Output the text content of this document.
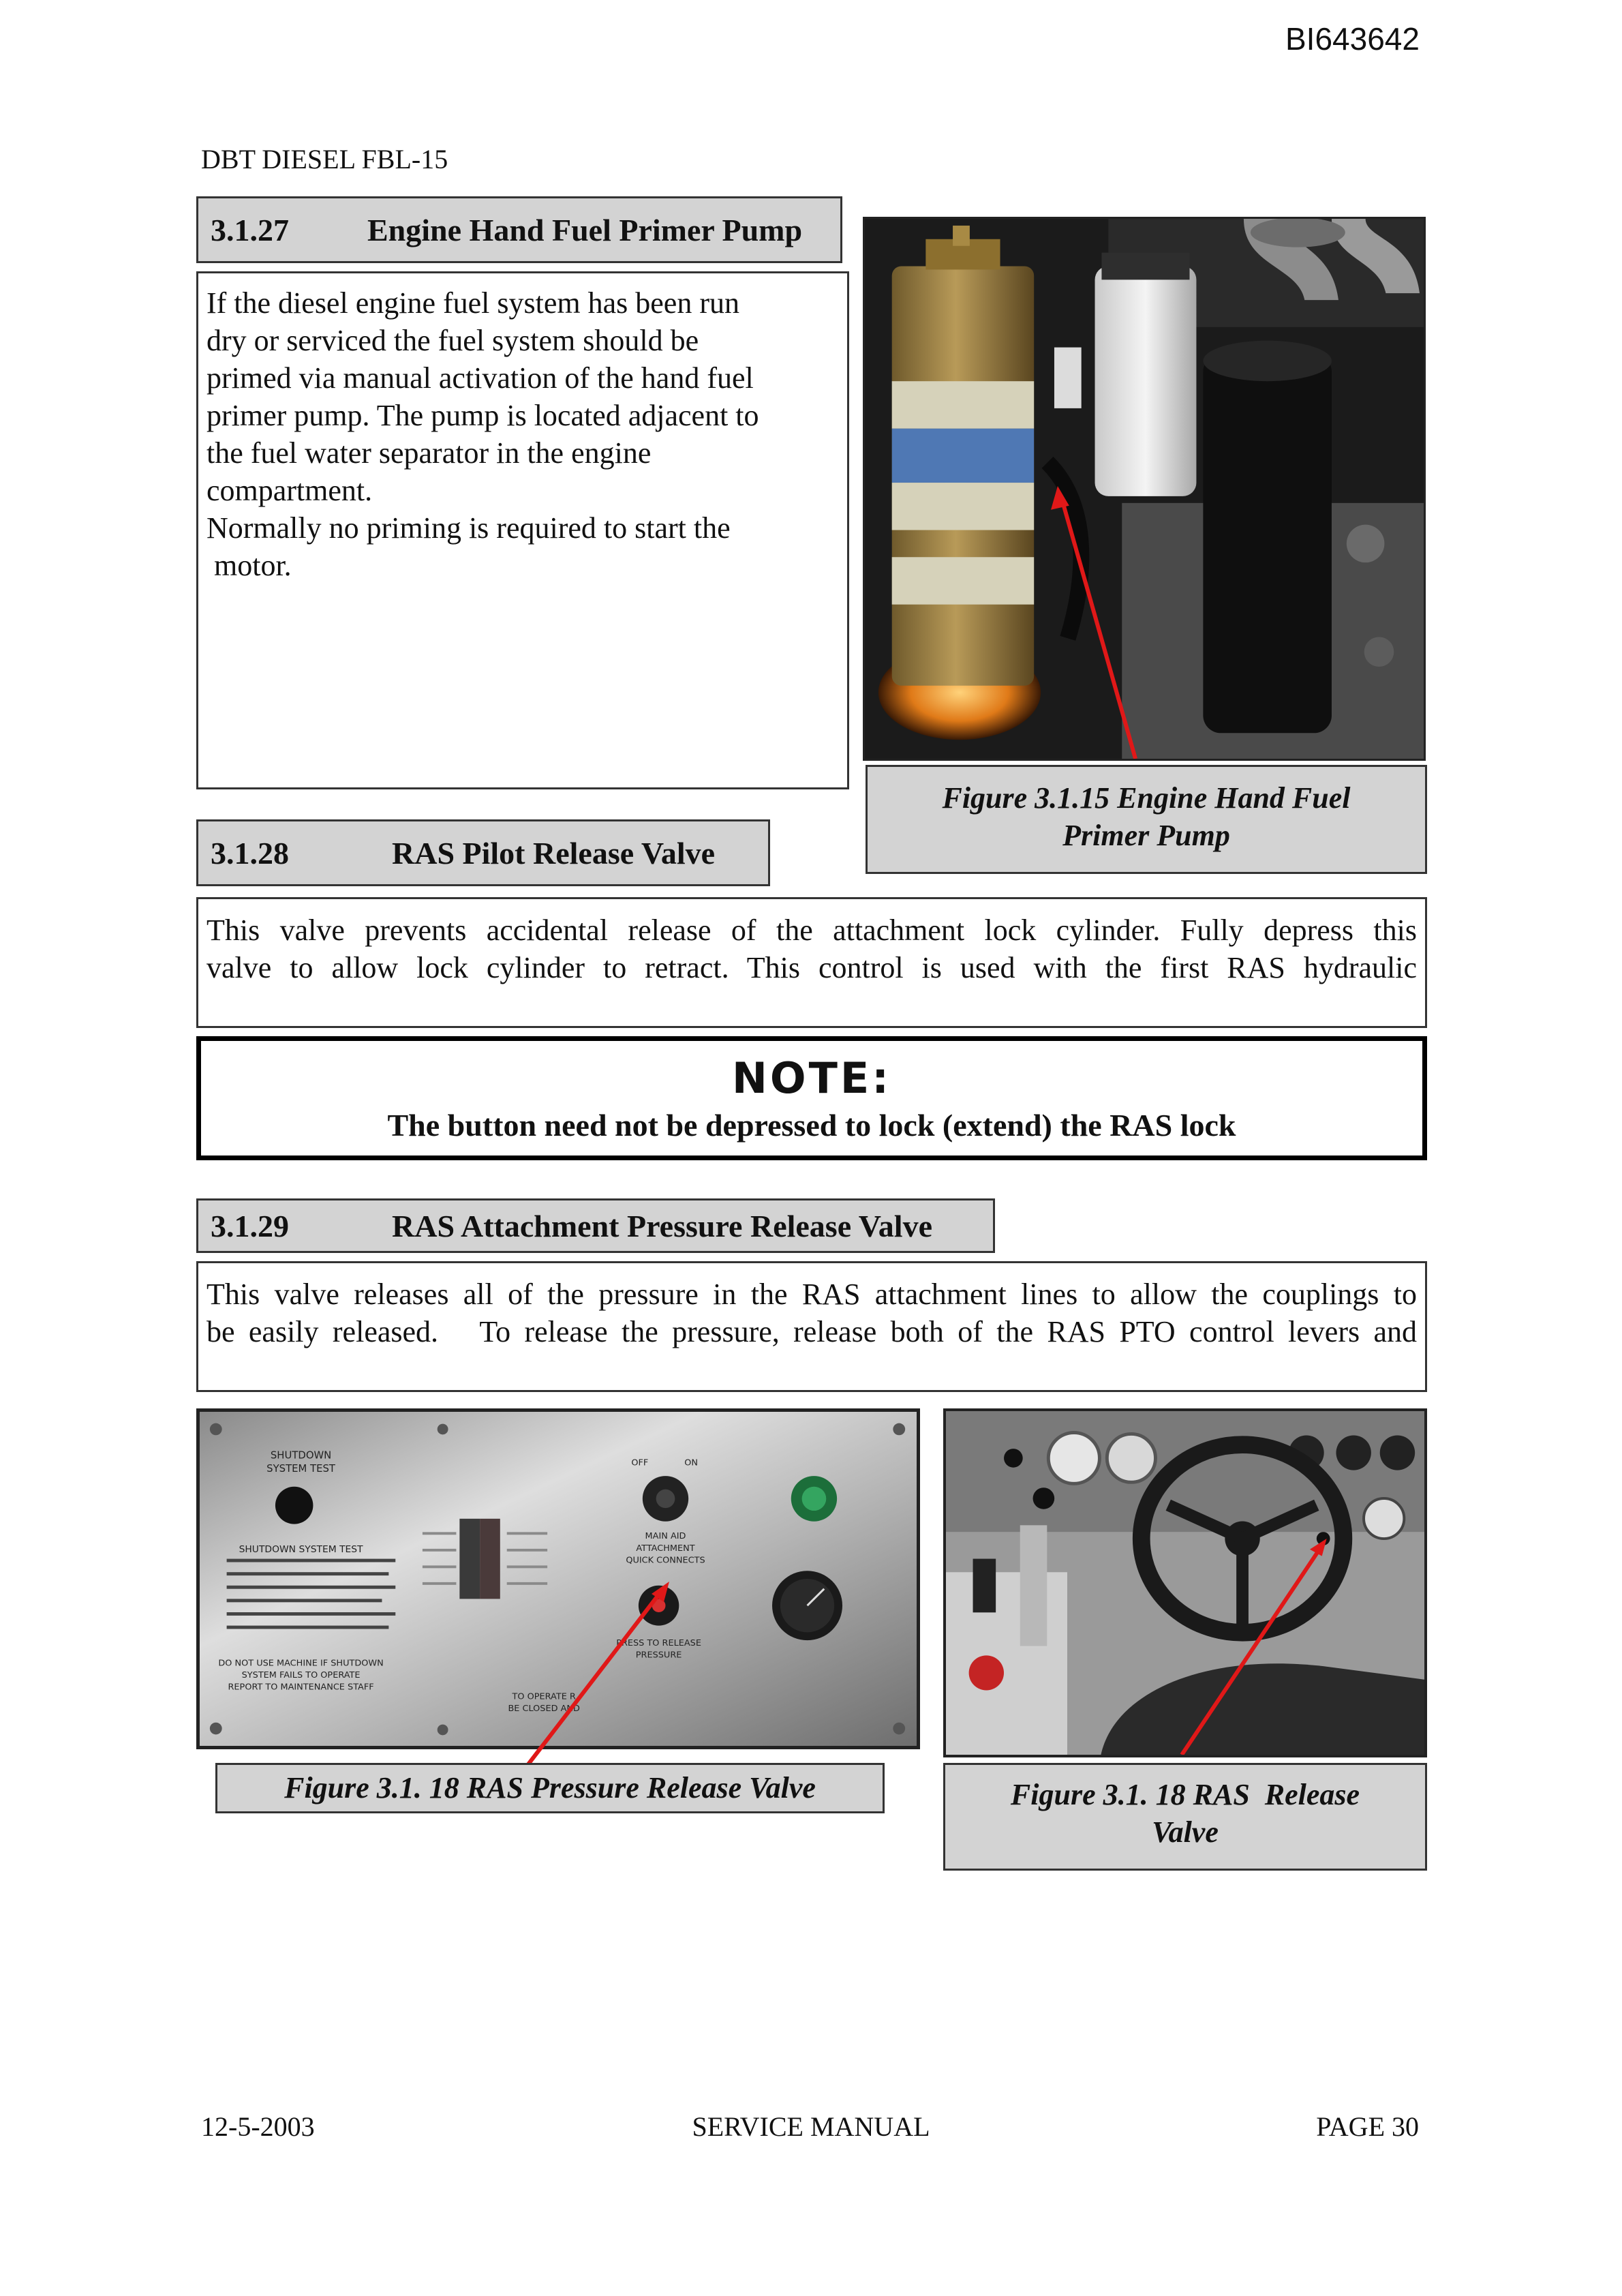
BI643642
DBT DIESEL FBL-15
3.1.27	Engine Hand Fuel Primer Pump
If the diesel engine fuel system has been run
dry or serviced the fuel system should be
primed via manual activation of the hand fuel
primer pump. The pump is located adjacent to
the fuel water separator in the engine
compartment.
Normally no priming is required to start the
motor.
Figure 3.1.15 Engine Hand Fuel
Primer Pump
3.1.28	RAS Pilot Release Valve
This valve prevents accidental release of the attachment lock cylinder. Fully depress this
valve to allow lock cylinder to retract. This control is used with the first RAS hydraulic
NOTE:
The button need not be depressed to lock (extend) the RAS lock
3.1.29	RAS Attachment Pressure Release Valve
This valve releases all of the pressure in the RAS attachment lines to allow the couplings to
be easily released.   To release the pressure, release both of the RAS PTO control levers and
SHUTDOWN
SYSTEM TEST
SHUTDOWN SYSTEM TEST
DO NOT USE MACHINE IF SHUTDOWN
SYSTEM FAILS TO OPERATE
REPORT TO MAINTENANCE STAFF
OFF	ON
MAIN AID
ATTACHMENT
QUICK CONNECTS
PRESS TO RELEASE
PRESSURE
TO OPERATE R
BE CLOSED AND
Figure 3.1. 18 RAS Pressure Release Valve	Figure 3.1. 18 RAS  Release
Valve
12-5-2003	SERVICE MANUAL	PAGE 30
